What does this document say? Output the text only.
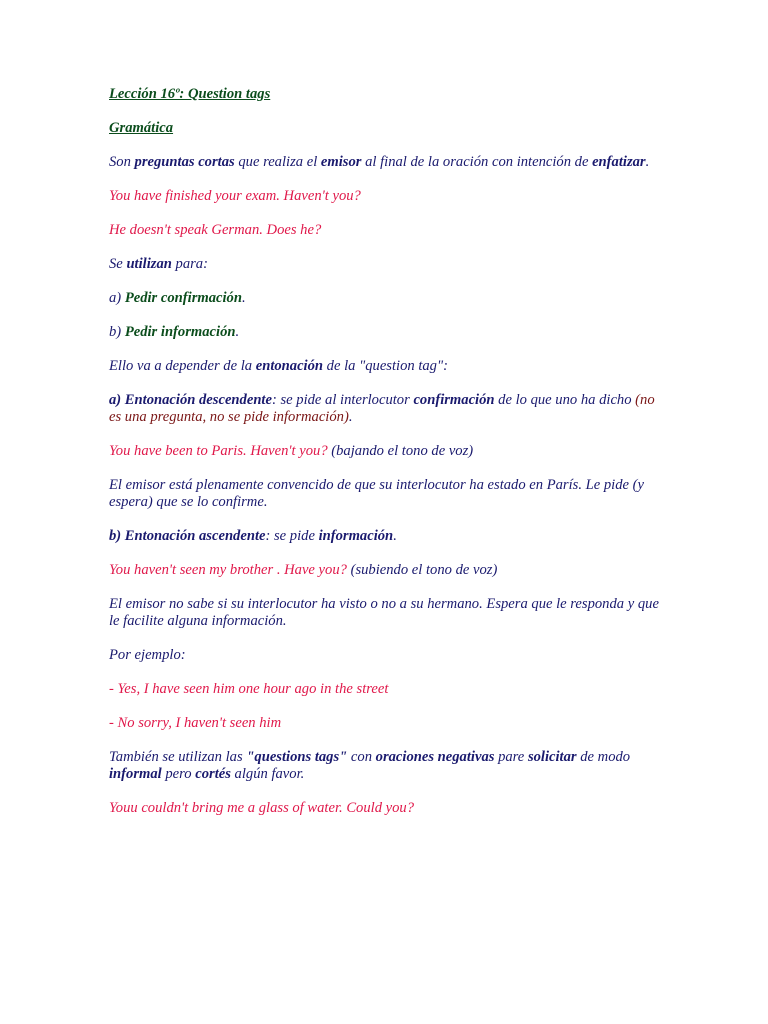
Lección 16º: Question tags

Gramática

Son preguntas cortas que realiza el emisor al final de la oración con intención de enfatizar.

You have finished your exam. Haven't you?

He doesn't speak German. Does he?

Se utilizan para:

a) Pedir confirmación.

b) Pedir información.

Ello va a depender de la entonación de la "question tag":

a) Entonación descendente: se pide al interlocutor confirmación de lo que uno ha dicho (no es una pregunta, no se pide información).

You have been to Paris. Haven't you? (bajando el tono de voz)

El emisor está plenamente convencido de que su interlocutor ha estado en París. Le pide (y espera) que se lo confirme.

b) Entonación ascendente: se pide información.

You haven't seen my brother . Have you? (subiendo el tono de voz)

El emisor no sabe si su interlocutor ha visto o no a su hermano. Espera que le responda y que le facilite alguna información.

Por ejemplo:

- Yes, I have seen him one hour ago in the street

- No sorry, I haven't seen him

También se utilizan las "questions tags" con oraciones negativas pare solicitar de modo informal pero cortés algún favor.

Youu couldn't bring me a glass of water. Could you?
